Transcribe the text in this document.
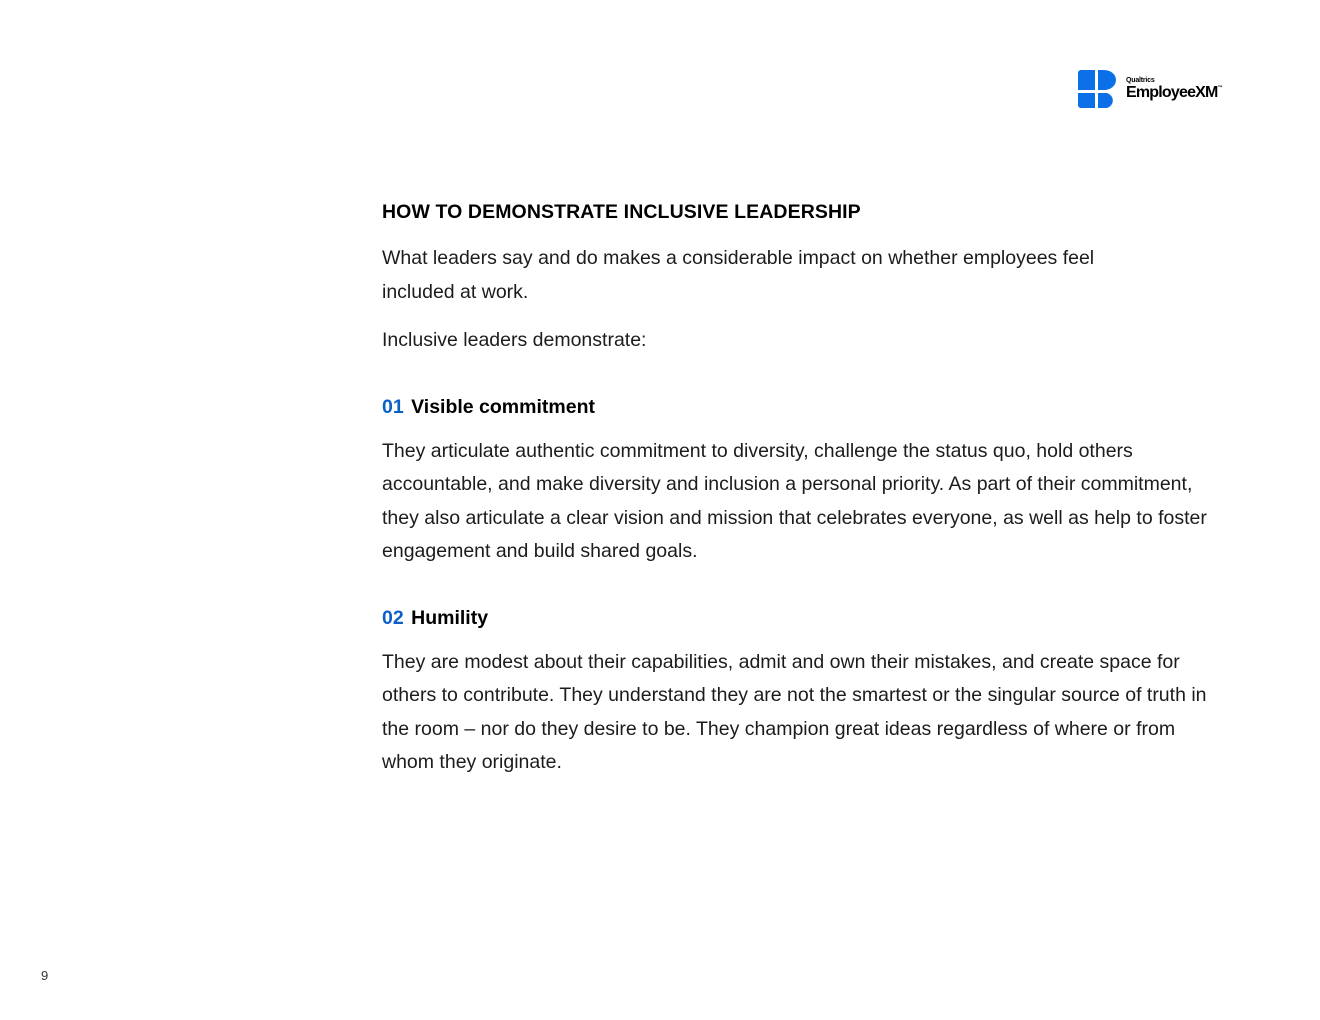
Qualtrics
EmployeeXM™
HOW TO DEMONSTRATE INCLUSIVE LEADERSHIP

What leaders say and do makes a considerable impact on whether employees feel included at work.

Inclusive leaders demonstrate:

01 Visible commitment

They articulate authentic commitment to diversity, challenge the status quo, hold others accountable, and make diversity and inclusion a personal priority. As part of their commitment, they also articulate a clear vision and mission that celebrates everyone, as well as help to foster engagement and build shared goals.

02 Humility

They are modest about their capabilities, admit and own their mistakes, and create space for others to contribute. They understand they are not the smartest or the singular source of truth in the room – nor do they desire to be. They champion great ideas regardless of where or from whom they originate.

9
